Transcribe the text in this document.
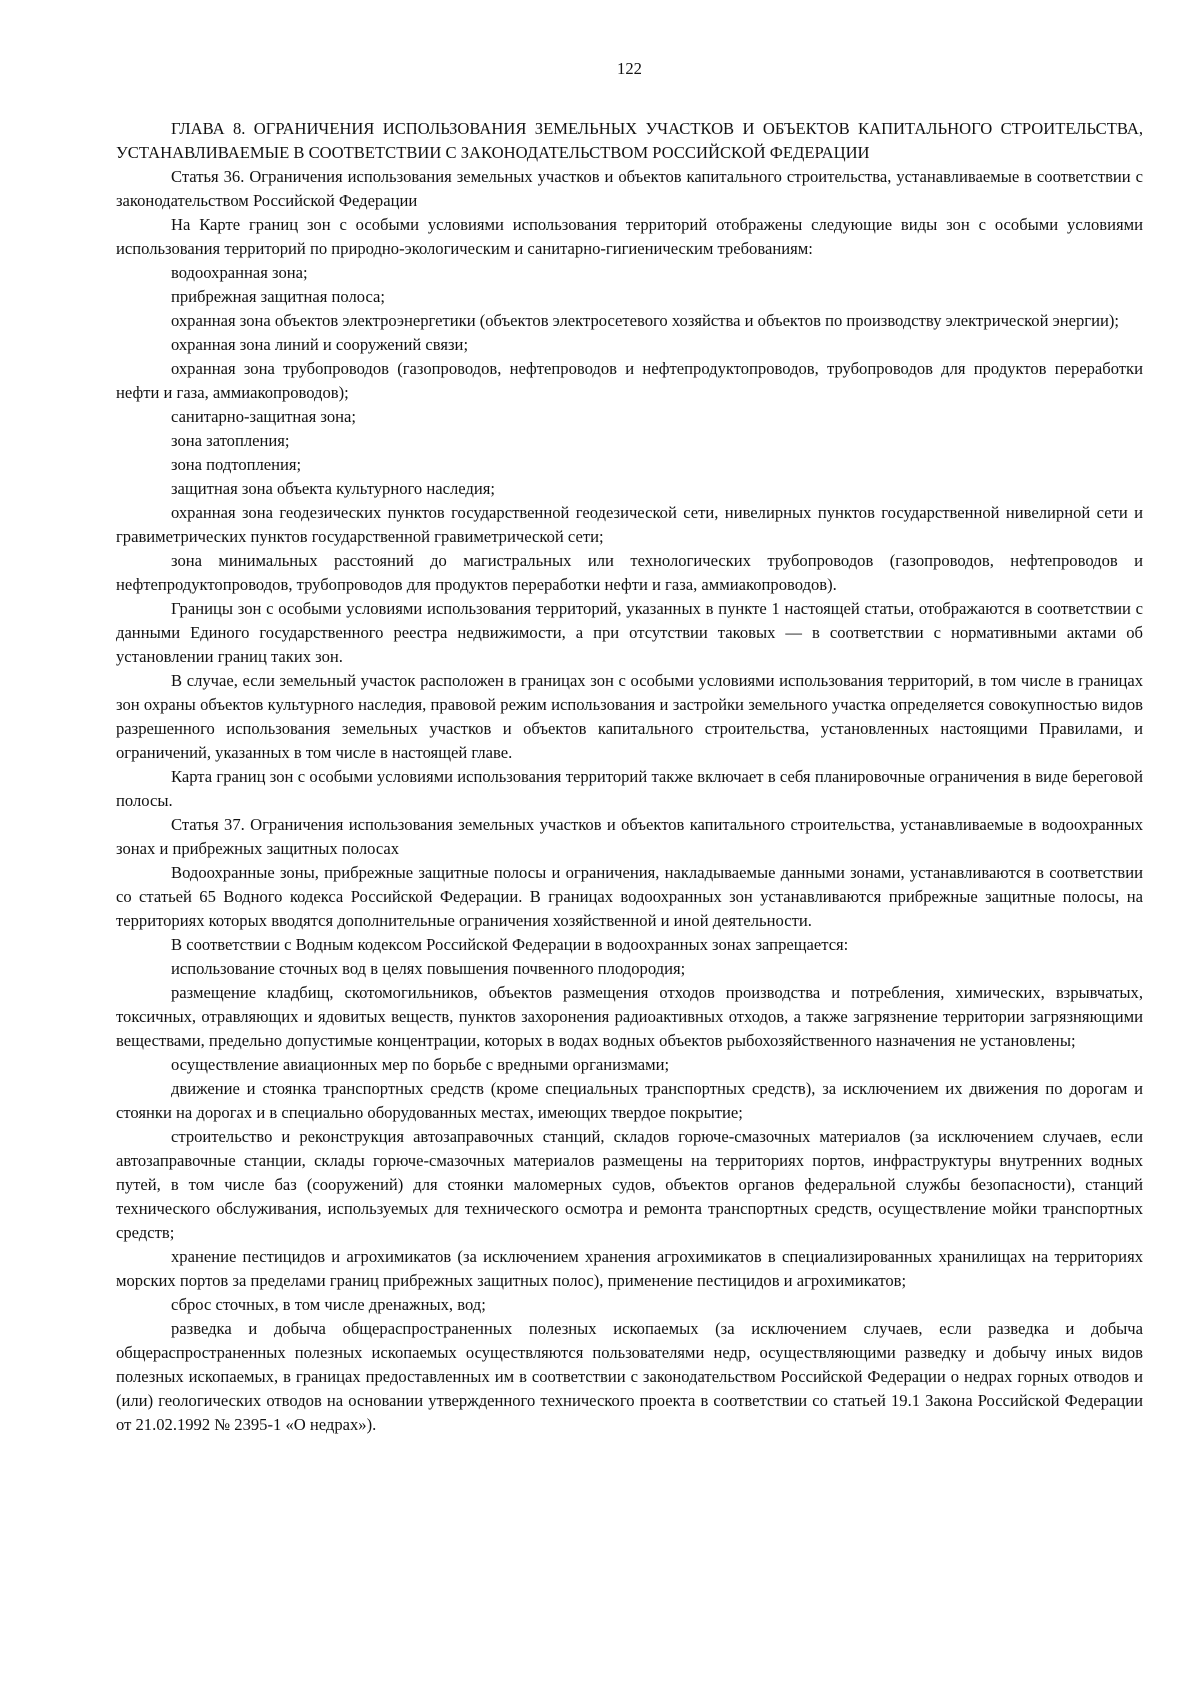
122
ГЛАВА 8. ОГРАНИЧЕНИЯ ИСПОЛЬЗОВАНИЯ ЗЕМЕЛЬНЫХ УЧАСТКОВ И ОБЪЕКТОВ КАПИТАЛЬНОГО СТРОИТЕЛЬСТВА, УСТАНАВЛИВАЕМЫЕ В СООТВЕТСТВИИ С ЗАКОНОДАТЕЛЬСТВОМ РОССИЙСКОЙ ФЕДЕРАЦИИ

Статья 36. Ограничения использования земельных участков и объектов капитального строительства, устанавливаемые в соответствии с законодательством Российской Федерации

На Карте границ зон с особыми условиями использования территорий отображены следующие виды зон с особыми условиями использования территорий по природно-экологическим и санитарно-гигиеническим требованиям:

водоохранная зона;

прибрежная защитная полоса;

охранная зона объектов электроэнергетики (объектов электросетевого хозяйства и объектов по производству электрической энергии);

охранная зона линий и сооружений связи;

охранная зона трубопроводов (газопроводов, нефтепроводов и нефтепродуктопроводов, трубопроводов для продуктов переработки нефти и газа, аммиакопроводов);

санитарно-защитная зона;

зона затопления;

зона подтопления;

защитная зона объекта культурного наследия;

охранная зона геодезических пунктов государственной геодезической сети, нивелирных пунктов государственной нивелирной сети и гравиметрических пунктов государственной гравиметрической сети;

зона минимальных расстояний до магистральных или технологических трубопроводов (газопроводов, нефтепроводов и нефтепродуктопроводов, трубопроводов для продуктов переработки нефти и газа, аммиакопроводов).

Границы зон с особыми условиями использования территорий, указанных в пункте 1 настоящей статьи, отображаются в соответствии с данными Единого государственного реестра недвижимости, а при отсутствии таковых — в соответствии с нормативными актами об установлении границ таких зон.

В случае, если земельный участок расположен в границах зон с особыми условиями использования территорий, в том числе в границах зон охраны объектов культурного наследия, правовой режим использования и застройки земельного участка определяется совокупностью видов разрешенного использования земельных участков и объектов капитального строительства, установленных настоящими Правилами, и ограничений, указанных в том числе в настоящей главе.

Карта границ зон с особыми условиями использования территорий также включает в себя планировочные ограничения в виде береговой полосы.

Статья 37. Ограничения использования земельных участков и объектов капитального строительства, устанавливаемые в водоохранных зонах и прибрежных защитных полосах

Водоохранные зоны, прибрежные защитные полосы и ограничения, накладываемые данными зонами, устанавливаются в соответствии со статьей 65 Водного кодекса Российской Федерации. В границах водоохранных зон устанавливаются прибрежные защитные полосы, на территориях которых вводятся дополнительные ограничения хозяйственной и иной деятельности.

В соответствии с Водным кодексом Российской Федерации в водоохранных зонах запрещается:

использование сточных вод в целях повышения почвенного плодородия;

размещение кладбищ, скотомогильников, объектов размещения отходов производства и потребления, химических, взрывчатых, токсичных, отравляющих и ядовитых веществ, пунктов захоронения радиоактивных отходов, а также загрязнение территории загрязняющими веществами, предельно допустимые концентрации, которых в водах водных объектов рыбохозяйственного назначения не установлены;

осуществление авиационных мер по борьбе с вредными организмами;

движение и стоянка транспортных средств (кроме специальных транспортных средств), за исключением их движения по дорогам и стоянки на дорогах и в специально оборудованных местах, имеющих твердое покрытие;

строительство и реконструкция автозаправочных станций, складов горюче-смазочных материалов (за исключением случаев, если автозаправочные станции, склады горюче-смазочных материалов размещены на территориях портов, инфраструктуры внутренних водных путей, в том числе баз (сооружений) для стоянки маломерных судов, объектов органов федеральной службы безопасности), станций технического обслуживания, используемых для технического осмотра и ремонта транспортных средств, осуществление мойки транспортных средств;

хранение пестицидов и агрохимикатов (за исключением хранения агрохимикатов в специализированных хранилищах на территориях морских портов за пределами границ прибрежных защитных полос), применение пестицидов и агрохимикатов;

сброс сточных, в том числе дренажных, вод;

разведка и добыча общераспространенных полезных ископаемых (за исключением случаев, если разведка и добыча общераспространенных полезных ископаемых осуществляются пользователями недр, осуществляющими разведку и добычу иных видов полезных ископаемых, в границах предоставленных им в соответствии с законодательством Российской Федерации о недрах горных отводов и (или) геологических отводов на основании утвержденного технического проекта в соответствии со статьей 19.1 Закона Российской Федерации от 21.02.1992 № 2395-1 «О недрах»).
